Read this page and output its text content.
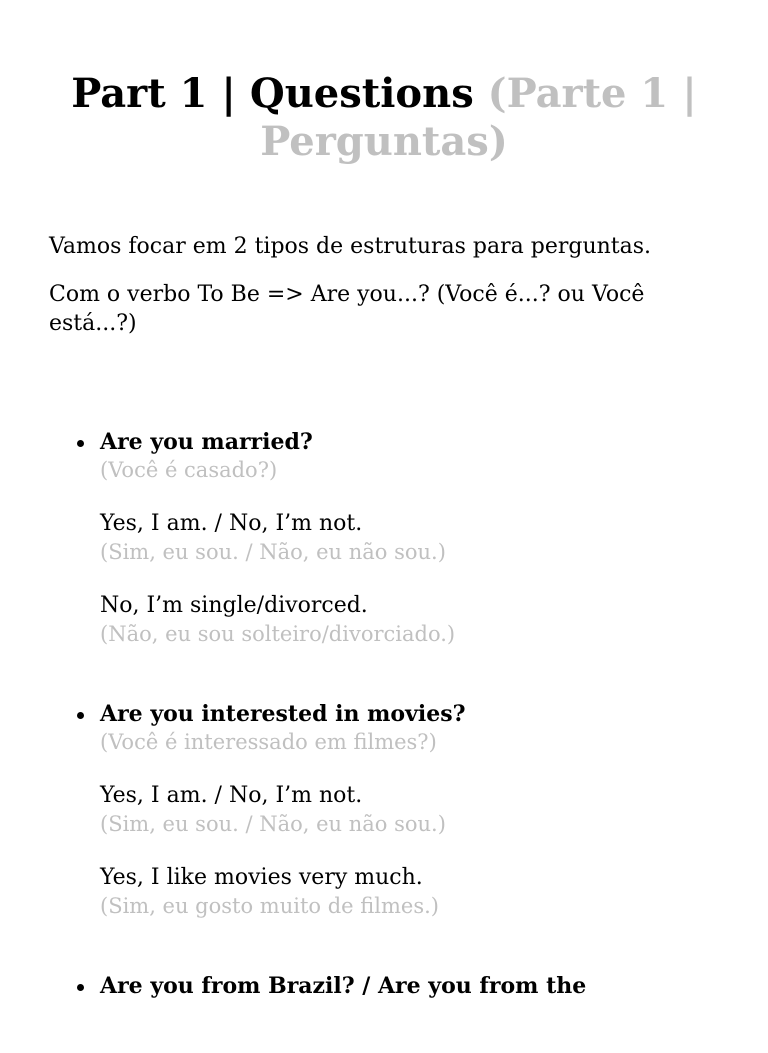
Part 1 | Questions (Parte 1 | Perguntas)

Vamos focar em 2 tipos de estruturas para perguntas.

Com o verbo To Be => Are you...? (Você é...? ou Você está...?)

Are you married?
(Você é casado?)
Yes, I am. / No, I’m not.
(Sim, eu sou. / Não, eu não sou.)
No, I’m single/divorced.
(Não, eu sou solteiro/divorciado.)
Are you interested in movies?
(Você é interessado em filmes?)
Yes, I am. / No, I’m not.
(Sim, eu sou. / Não, eu não sou.)
Yes, I like movies very much.
(Sim, eu gosto muito de filmes.)
Are you from Brazil? / Are you from the
